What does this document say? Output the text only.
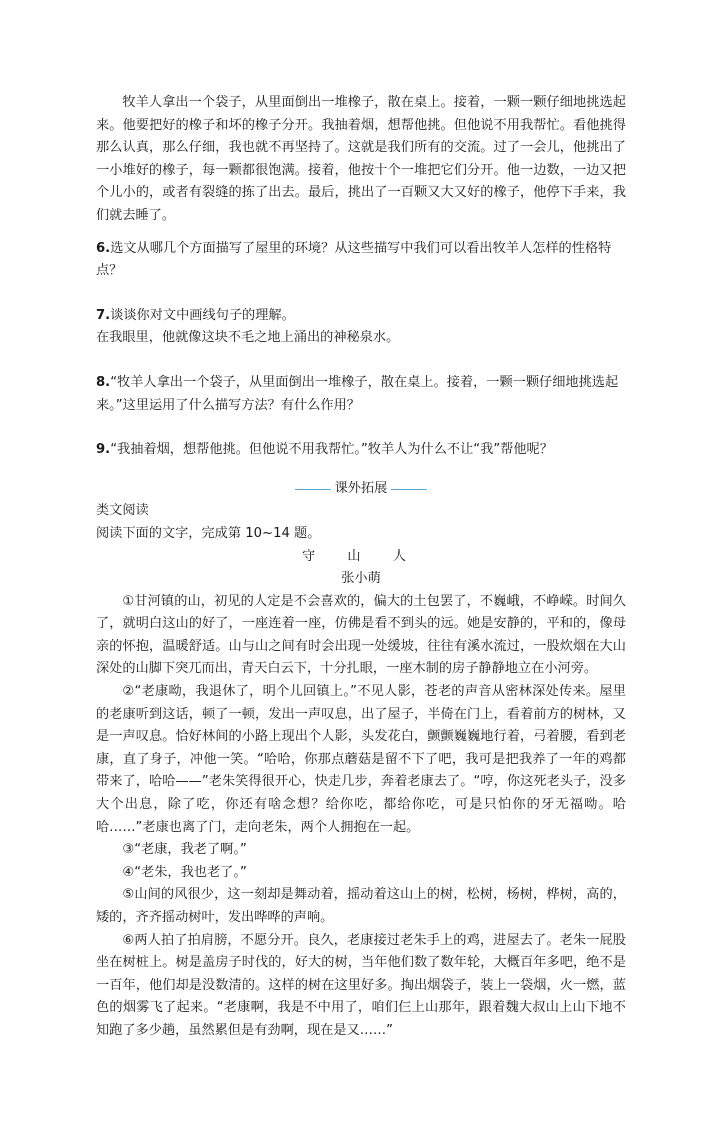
牧羊人拿出一个袋子，从里面倒出一堆橡子，散在桌上。接着，一颗一颗仔细地挑选起来。他要把好的橡子和坏的橡子分开。我抽着烟，想帮他挑。但他说不用我帮忙。看他挑得那么认真，那么仔细，我也就不再坚持了。这就是我们所有的交流。过了一会儿，他挑出了一小堆好的橡子，每一颗都很饱满。接着，他按十个一堆把它们分开。他一边数，一边又把个儿小的，或者有裂缝的拣了出去。最后，挑出了一百颗又大又好的橡子，他停下手来，我们就去睡了。

6.选文从哪几个方面描写了屋里的环境？从这些描写中我们可以看出牧羊人怎样的性格特点？

7.谈谈你对文中画线句子的理解。

在我眼里，他就像这块不毛之地上涌出的神秘泉水。

8.“牧羊人拿出一个袋子，从里面倒出一堆橡子，散在桌上。接着，一颗一颗仔细地挑选起来。”这里运用了什么描写方法？有什么作用？

9.“我抽着烟，想帮他挑。但他说不用我帮忙。”牧羊人为什么不让“我”帮他呢？

课外拓展

类文阅读

阅读下面的文字，完成第 10~14 题。

守 山 人

张小萌

①甘河镇的山，初见的人定是不会喜欢的，偏大的土包罢了，不巍峨，不峥嵘。时间久了，就明白这山的好了，一座连着一座，仿佛是看不到头的远。她是安静的，平和的，像母亲的怀抱，温暖舒适。山与山之间有时会出现一处缓坡，往往有溪水流过，一股炊烟在大山深处的山脚下突兀而出，青天白云下，十分扎眼，一座木制的房子静静地立在小河旁。

②“老康呦，我退休了，明个儿回镇上。”不见人影，苍老的声音从密林深处传来。屋里的老康听到这话，顿了一顿，发出一声叹息，出了屋子，半倚在门上，看着前方的树林，又是一声叹息。恰好林间的小路上现出个人影，头发花白，颤颤巍巍地行着，弓着腰，看到老康，直了身子，冲他一笑。“哈哈，你那点蘑菇是留不下了吧，我可是把我养了一年的鸡都带来了，哈哈——”老朱笑得很开心，快走几步，奔着老康去了。“哼，你这死老头子，没多大个出息，除了吃，你还有啥念想？给你吃，都给你吃，可是只怕你的牙无福呦。哈哈……”老康也离了门，走向老朱，两个人拥抱在一起。

③“老康，我老了啊。”

④“老朱，我也老了。”

⑤山间的风很少，这一刻却是舞动着，摇动着这山上的树，松树，杨树，桦树，高的，矮的，齐齐摇动树叶，发出哗哗的声响。

⑥两人拍了拍肩膀，不愿分开。良久，老康接过老朱手上的鸡，进屋去了。老朱一屁股坐在树桩上。树是盖房子时伐的，好大的树，当年他们数了数年轮，大概百年多吧，绝不是一百年，他们却是没数清的。这样的树在这里好多。掏出烟袋子，装上一袋烟，火一燃，蓝色的烟雾飞了起来。“老康啊，我是不中用了，咱们仨上山那年，跟着魏大叔山上山下地不知跑了多少趟，虽然累但是有劲啊，现在是又……”
